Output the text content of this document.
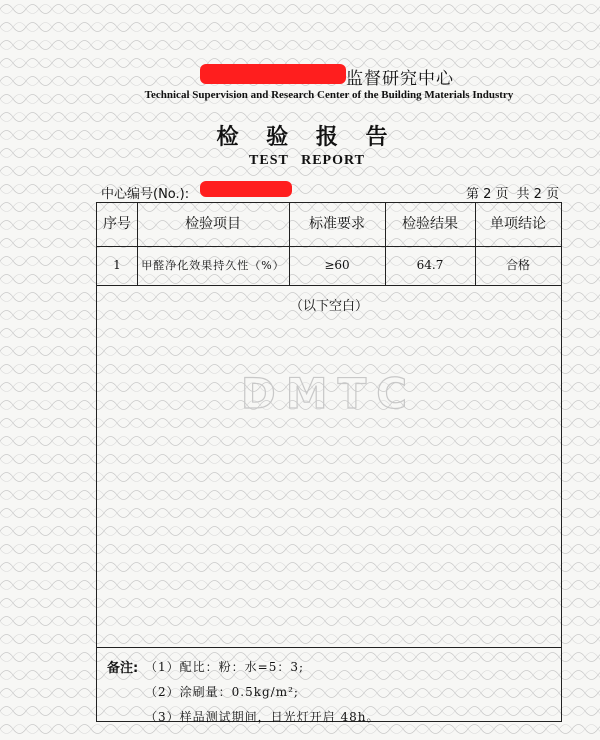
监督研究中心
Technical Supervision and Research Center of the Building Materials Industry
检 验 报 告
TEST REPORT
中心编号(No.):	第 2 页 共 2 页
序号	检验项目	标准要求	检验结果	单项结论
1	甲醛净化效果持久性（%）	≥60	64.7	合格
（以下空白）
DMTC
备注: （1）配比：粉：水=5：3;
（2）涂刷量：0.5kg/m²;
（3）样品测试期间，日光灯开启 48h。
